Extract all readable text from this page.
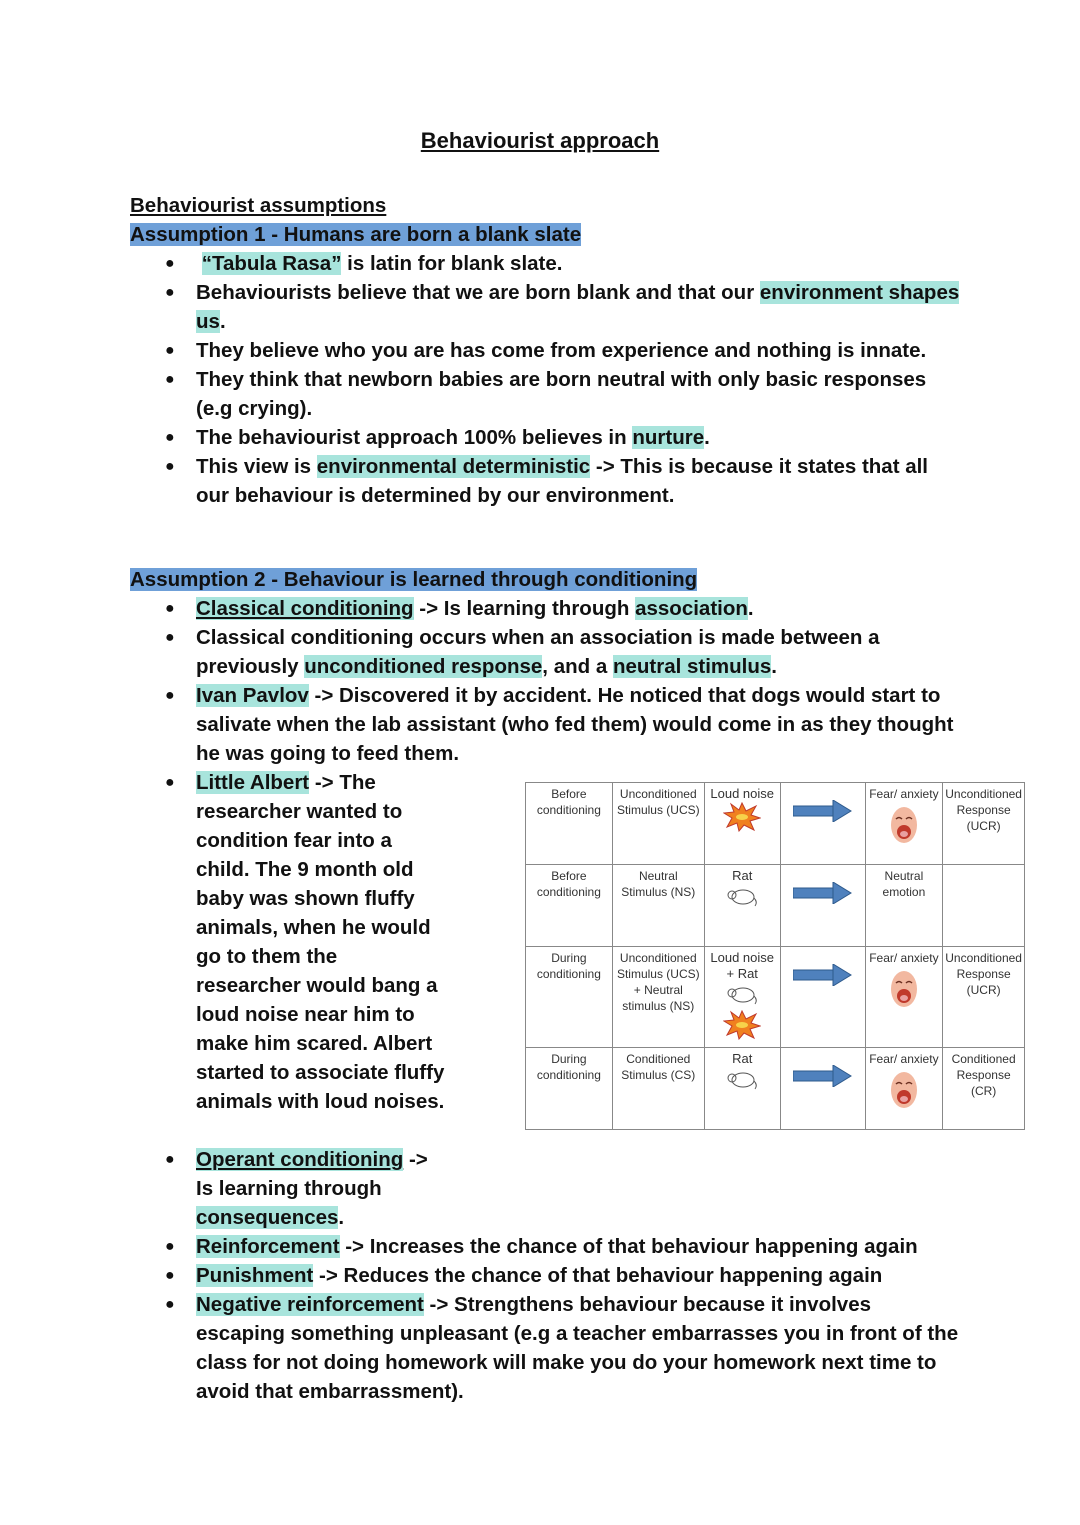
Behaviourist approach
Behaviourist assumptions
Assumption 1 - Humans are born a blank slate
● “Tabula Rasa” is latin for blank slate.
● Behaviourists believe that we are born blank and that our environment shapes us.
● They believe who you are has come from experience and nothing is innate.
● They think that newborn babies are born neutral with only basic responses (e.g crying).
● The behaviourist approach 100% believes in nurture.
● This view is environmental deterministic -> This is because it states that all our behaviour is determined by our environment.
Assumption 2 - Behaviour is learned through conditioning
● Classical conditioning -> Is learning through association.
● Classical conditioning occurs when an association is made between a previously unconditioned response, and a neutral stimulus.
● Ivan Pavlov -> Discovered it by accident. He noticed that dogs would start to salivate when the lab assistant (who fed them) would come in as they thought he was going to feed them.
● Little Albert -> The researcher wanted to condition fear into a child. The 9 month old baby was shown fluffy animals, when he would go to them the researcher would bang a loud noise near him to make him scared. Albert started to associate fluffy animals with loud noises.
● Operant conditioning -> Is learning through consequences.
● Reinforcement -> Increases the chance of that behaviour happening again
● Punishment -> Reduces the chance of that behaviour happening again
● Negative reinforcement -> Strengthens behaviour because it involves escaping something unpleasant (e.g a teacher embarrasses you in front of the class for not doing homework will make you do your homework next time to avoid that embarrassment).
Before conditioning	Unconditioned Stimulus (UCS)	Loud noise		Fear/ anxiety	Unconditioned Response (UCR)
Before conditioning	Neutral Stimulus (NS)	Rat		Neutral emotion	
During conditioning	Unconditioned Stimulus (UCS) + Neutral stimulus (NS)	Loud noise + Rat		Fear/ anxiety	Unconditioned Response (UCR)
During conditioning	Conditioned Stimulus (CS)	Rat		Fear/ anxiety	Conditioned Response (CR)
